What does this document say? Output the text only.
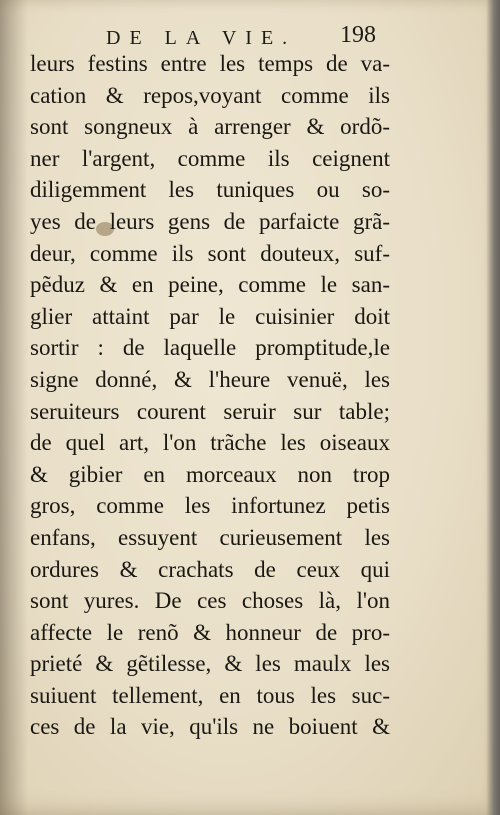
DE LA VIE. 198
leurs festins entre les temps de va-
cation & repos,voyant comme ils
sont songneux à arrenger & ordõ-
ner l'argent, comme ils ceignent
diligemment les tuniques ou so-
yes de leurs gens de parfaicte grã-
deur, comme ils sont douteux, suf-
pẽduz & en peine, comme le san-
glier attaint par le cuisinier doit
sortir : de laquelle promptitude,le
signe donné, & l'heure venuë, les
seruiteurs courent seruir sur table;
de quel art, l'on trãche les oiseaux
& gibier en morceaux non trop
gros, comme les infortunez petis
enfans, essuyent curieusement les
ordures & crachats de ceux qui
sont yures. De ces choses là, l'on
affecte le renõ & honneur de pro-
prieté & gẽtilesse, & les maulx les
suiuent tellement, en tous les suc-
ces de la vie, qu'ils ne boiuent &
